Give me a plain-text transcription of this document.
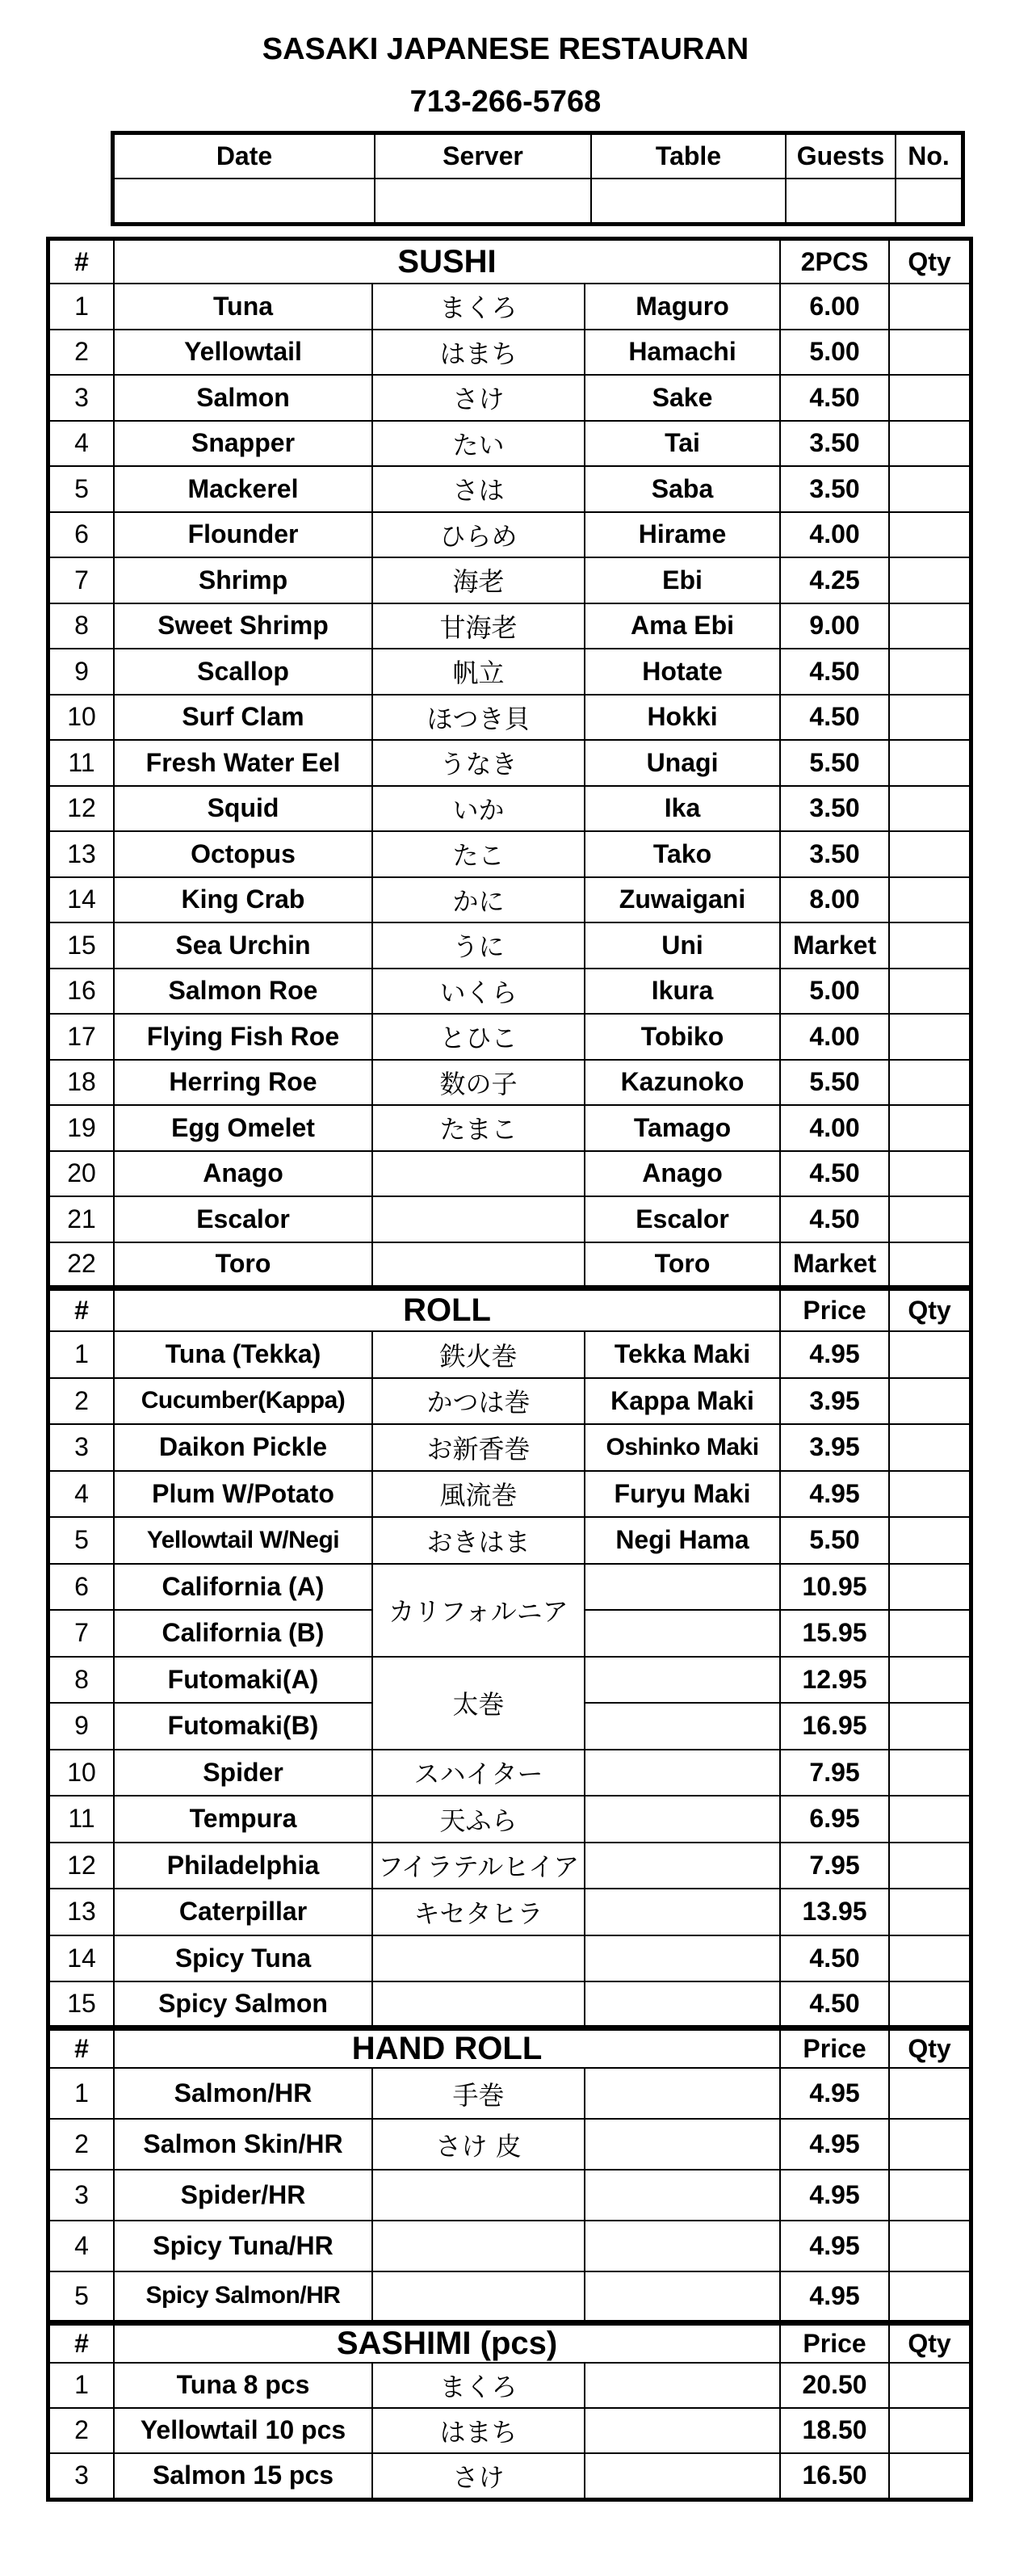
SASAKI JAPANESE RESTAURAN
713-266-5768
Date	Server	Table	Guests	No.

#	SUSHI			2PCS	Qty
1	Tuna	まくろ	Maguro	6.00	
2	Yellowtail	はまち	Hamachi	5.00	
3	Salmon	さけ	Sake	4.50	
4	Snapper	たい	Tai	3.50	
5	Mackerel	さは	Saba	3.50	
6	Flounder	ひらめ	Hirame	4.00	
7	Shrimp	海老	Ebi	4.25	
8	Sweet Shrimp	甘海老	Ama Ebi	9.00	
9	Scallop	帆立	Hotate	4.50	
10	Surf Clam	ほつき貝	Hokki	4.50	
11	Fresh Water Eel	うなき	Unagi	5.50	
12	Squid	いか	Ika	3.50	
13	Octopus	たこ	Tako	3.50	
14	King Crab	かに	Zuwaigani	8.00	
15	Sea Urchin	うに	Uni	Market	
16	Salmon Roe	いくら	Ikura	5.00	
17	Flying Fish Roe	とひこ	Tobiko	4.00	
18	Herring Roe	数の子	Kazunoko	5.50	
19	Egg Omelet	たまこ	Tamago	4.00	
20	Anago		Anago	4.50	
21	Escalor		Escalor	4.50	
22	Toro		Toro	Market	
#	ROLL			Price	Qty
1	Tuna (Tekka)	鉄火巻	Tekka Maki	4.95	
2	Cucumber(Kappa)	かつは巻	Kappa Maki	3.95	
3	Daikon Pickle	お新香巻	Oshinko Maki	3.95	
4	Plum W/Potato	風流巻	Furyu Maki	4.95	
5	Yellowtail W/Negi	おきはま	Negi Hama	5.50	
6	California (A)	カリフォルニア		10.95	
7	California (B)			15.95	
8	Futomaki(A)	太巻		12.95	
9	Futomaki(B)			16.95	
10	Spider	スハイター		7.95	
11	Tempura	天ふら		6.95	
12	Philadelphia	フイラテルヒイア		7.95	
13	Caterpillar	キセタヒラ		13.95	
14	Spicy Tuna			4.50	
15	Spicy Salmon			4.50	
#	HAND ROLL			Price	Qty
1	Salmon/HR	手巻		4.95	
2	Salmon Skin/HR	さけ 皮		4.95	
3	Spider/HR			4.95	
4	Spicy Tuna/HR			4.95	
5	Spicy Salmon/HR			4.95	
#	SASHIMI (pcs)			Price	Qty
1	Tuna 8 pcs	まくろ		20.50	
2	Yellowtail 10 pcs	はまち		18.50	
3	Salmon 15 pcs	さけ		16.50	
